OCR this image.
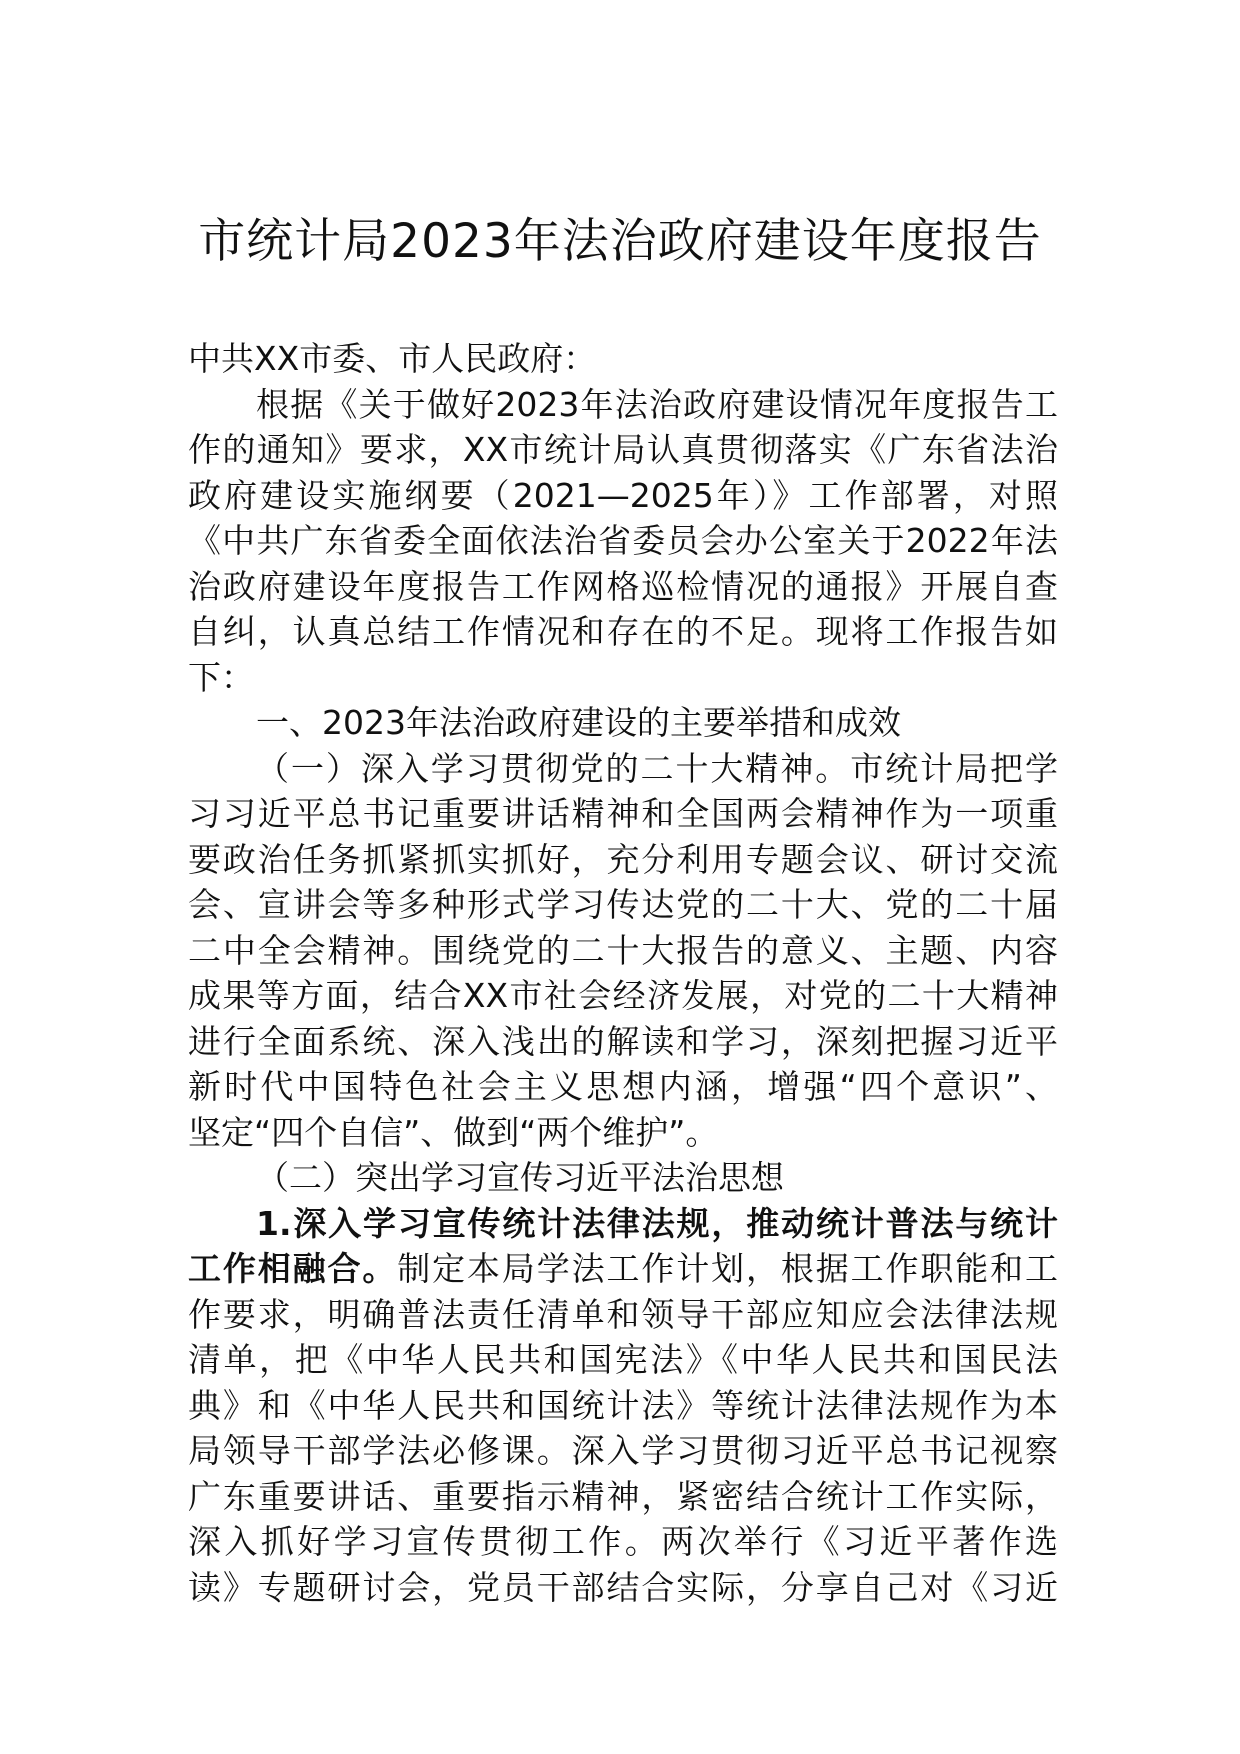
市统计局2023年法治政府建设年度报告
中共XX市委、市人民政府：
根据《关于做好2023年法治政府建设情况年度报告工
作的通知》要求，XX市统计局认真贯彻落实《广东省法治
政府建设实施纲要（2021—2025年）》工作部署，对照
《中共广东省委全面依法治省委员会办公室关于2022年法
治政府建设年度报告工作网格巡检情况的通报》开展自查
自纠，认真总结工作情况和存在的不足。现将工作报告如
下：
一、2023年法治政府建设的主要举措和成效
（一）深入学习贯彻党的二十大精神。市统计局把学
习习近平总书记重要讲话精神和全国两会精神作为一项重
要政治任务抓紧抓实抓好，充分利用专题会议、研讨交流
会、宣讲会等多种形式学习传达党的二十大、党的二十届
二中全会精神。围绕党的二十大报告的意义、主题、内容
成果等方面，结合XX市社会经济发展，对党的二十大精神
进行全面系统、深入浅出的解读和学习，深刻把握习近平
新时代中国特色社会主义思想内涵，增强“四个意识”、
坚定“四个自信”、做到“两个维护”。
（二）突出学习宣传习近平法治思想
1.深入学习宣传统计法律法规，推动统计普法与统计
工作相融合。制定本局学法工作计划，根据工作职能和工
作要求，明确普法责任清单和领导干部应知应会法律法规
清单，把《中华人民共和国宪法》《中华人民共和国民法
典》和《中华人民共和国统计法》等统计法律法规作为本
局领导干部学法必修课。深入学习贯彻习近平总书记视察
广东重要讲话、重要指示精神，紧密结合统计工作实际，
深入抓好学习宣传贯彻工作。两次举行《习近平著作选
读》专题研讨会，党员干部结合实际，分享自己对《习近
